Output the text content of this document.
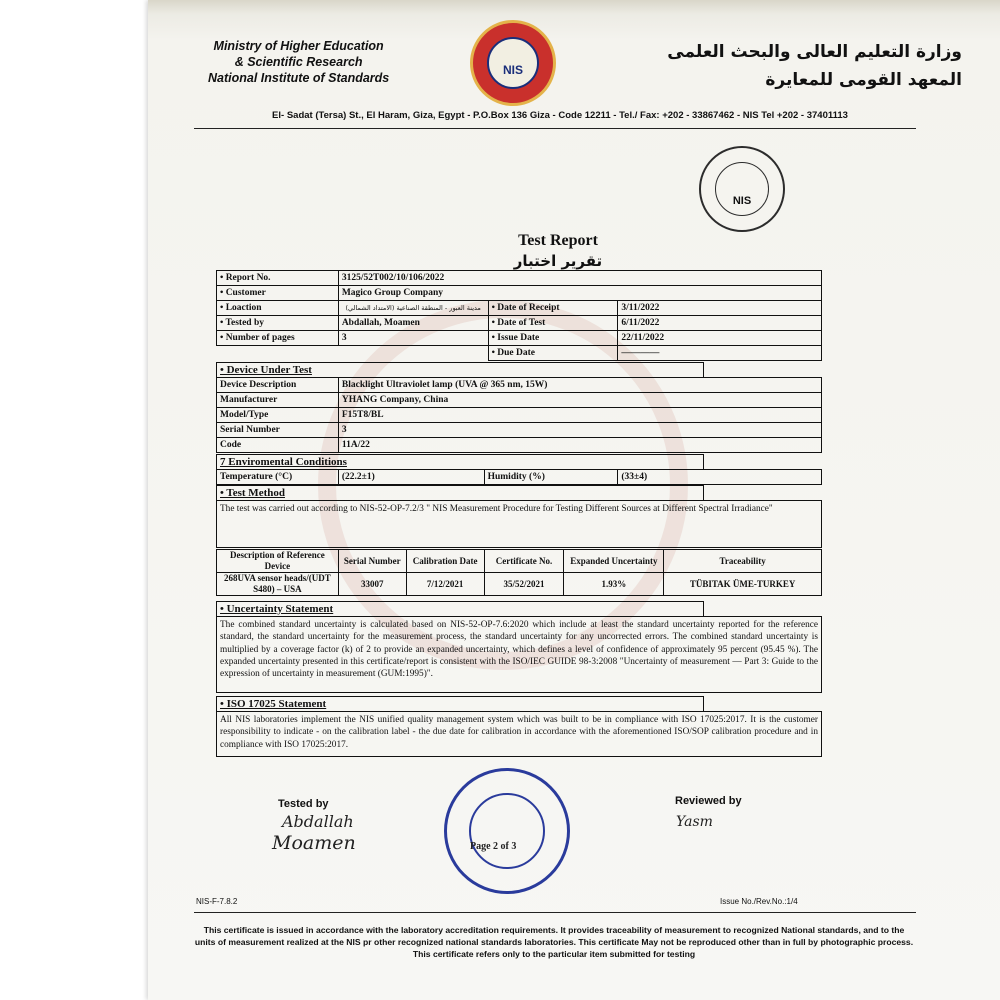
Ministry of Higher Education
& Scientific Research
National Institute of Standards
NIS
وزارة التعليم العالى والبحث العلمى
المعهد القومى للمعايرة
El- Sadat (Tersa) St., El Haram, Giza, Egypt - P.O.Box 136 Giza - Code 12211 - Tel./ Fax: +202 - 33867462 - NIS Tel +202 - 37401113
NIS
Test Report
تقرير اختبار
• Report No.	3125/52T002/10/106/2022		
• Customer	Magico Group Company		
• Loaction	مدينة العبور - المنطقة الصناعية (الامتداد الشمالي)	• Date of Receipt	3/11/2022
• Tested by	Abdallah, Moamen	• Date of Test	6/11/2022
• Number of pages	3	• Issue Date	22/11/2022
		• Due Date	————
• Device Under Test
Device Description	Blacklight Ultraviolet lamp (UVA @ 365 nm, 15W)
Manufacturer	YHANG Company, China
Model/Type	F15T8/BL
Serial Number	3
Code	11A/22
7 Enviromental Conditions
Temperature (°C)	(22.2±1)	Humidity (%)	(33±4)
• Test Method
The test was carried out according to NIS-52-OP-7.2/3 " NIS Measurement Procedure for Testing Different Sources at Different Spectral Irradiance"
Description of Reference Device	Serial Number	Calibration Date	Certificate No.	Expanded Uncertainty	Traceability
268UVA sensor heads/(UDT S480) – USA	33007	7/12/2021	35/52/2021	1.93%	TÜBITAK ÜME-TURKEY
• Uncertainty Statement
The combined standard uncertainty is calculated based on NIS-52-OP-7.6:2020 which include at least the standard uncertainty reported for the reference standard, the standard uncertainty for the measurement process, the standard uncertainty for any uncorrected errors. The combined standard uncertainty is multiplied by a coverage factor (k) of 2 to provide an expanded uncertainty, which defines a level of confidence of approximately 95 percent (95.45 %). The expanded uncertainty presented in this certificate/report is consistent with the ISO/IEC GUIDE 98-3:2008 "Uncertainty of measurement — Part 3: Guide to the expression of uncertainty in measurement (GUM:1995)".
• ISO 17025 Statement
All NIS laboratories implement the NIS unified quality management system which was built to be in compliance with ISO 17025:2017. It is the customer responsibility to indicate - on the calibration label - the due date for calibration in accordance with the aforementioned ISO/SOP calibration procedure and in compliance with ISO 17025:2017.
Tested by
Abdallah
Moamen	Page 2 of 3
Reviewed by
Yasm
NIS-F-7.8.2	Issue No./Rev.No.:1/4
This certificate is issued in accordance with the laboratory accreditation requirements. It provides traceability of measurement to recognized National standards, and to the units of measurement realized at the NIS pr other recognized national standards laboratories. This certificate May not be reproduced other than in full by photographic process. This certificate refers only to the particular item submitted for testing
